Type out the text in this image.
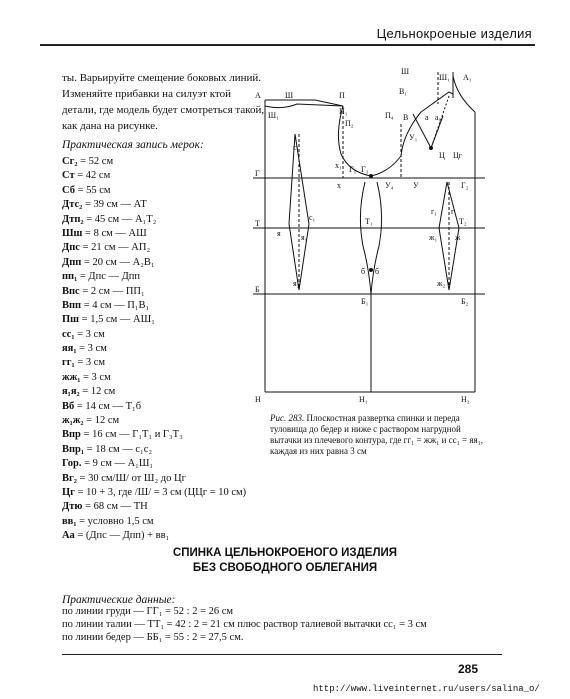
Цельнокроеные изделия
ты. Варьируйте смещение боковых линий. Измeняйте прибавки на силуэт ктой детали, где модель будет смотреться такой, как дана на рисунке.
Практическая запись мерок:
Сг₂ = 52 см
Ст = 42 см
Сб = 55 см
Дтс₂ = 39 см — АТ
Дтп₂ = 45 см — А₁Т₂
Шш = 8 см — АШ
Дпс = 21 см — АП₂
Дпп = 20 см — А₂В₁
пп₁ = Дпс — Дпп
Впс = 2 см — ПП₁
Впп = 4 см — П₁В₁
Пш = 1,5 см — АШ₁
сс₁ = 3 см
яя₁ = 3 см
гг₁ = 3 см
жж₁ = 3 см
я₁я₂ = 12 см
Вб = 14 см — Т₁б
ж₁ж₂ = 12 см
Впр = 16 см — Г₁Т₁ и Г₃Т₃
Впр₁ = 18 см — с₁с₂
Гор. = 9 см — А₁Ш₁
Вг₂ = 30 см/Ш/ от Ш₂ до Цг
Цг = 10 + 3, где /Ш/ = 3 см (ЦЦг = 10 см)
Дтю = 68 см — ТН
вв₁ = условно 1,5 см
Аа = (Дпс — Дпп) + вв₁
А	Ш	П
Ш₁	П₁
П₂
Ш
Ш₁ А₁
В₁
В а а₁
П₄
Г	Г₁ Г₃
Г₂
х₁
х	У
У₁
У₄
Ц Цг
Т	Т₁	Т₂
с
с₁
я	я₁
я₂
г₁ г
ж₁ ж
ж₂
б б
Б
Б₁	Б₂
Н	Н₁	Н₂
Рис. 283. Плоскостная развертка спинки и переда туловища до бедер и ниже с раствором нагрудной вытачки из плечевого контура, где гг₁ = жж₁ и сс₁ = яя₁, каждая из них равна 3 см
СПИНКА ЦЕЛЬНОКРОЕНОГО ИЗДЕЛИЯ
БЕЗ СВОБОДНОГО ОБЛЕГАНИЯ
Практические данные:
по линии груди — ГГ₁ = 52 : 2 = 26 см
по линии талии — ТТ₁ = 42 : 2 = 21 см плюс раствор талиевой вытачки сс₁ = 3 см
по линии бедер — ББ₁ = 55 : 2 = 27,5 см.
285
http://www.liveinternet.ru/users/salina_o/
